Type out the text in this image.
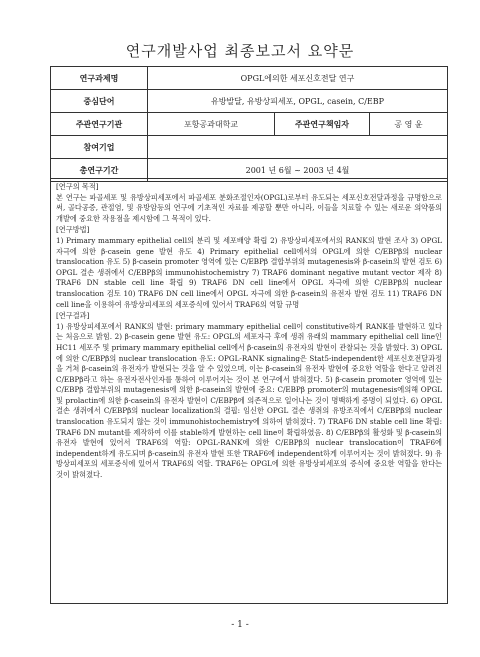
연구개발사업 최종보고서 요약문
연구과제명	OPGL에의한 세포신호전달 연구		
중심단어	유방발달, 유방상피세포, OPGL, casein, C/EBP		
주관연구기관	포항공과대학교	주관연구책임자	공 영 윤
참여기업			
총연구기간	2001 년 6월 ~ 2003 년 4월		
[연구의 목적]

본 연구는 파골세포 및 유방상피세포에서 파골세포 분화조절인자(OPGL)로부터 유도되는 세포신호전달과정을 규명함으로써, 골다공증, 관절염, 및 유방암등의 연구에 기초적인 자료를 제공할 뿐만 아니라, 이들을 치료할 수 있는 새로운 의약품의 개발에 중요한 작용점을 제시함에 그 목적이 있다.

[연구방법]

1) Primary mammary epithelial cell의 분리 및 세포배양 확립 2) 유방상피세포에서의 RANK의 발현 조사 3) OPGL 자극에 의한 β-casein gene 발현 유도 4) Primary epithelial cell에서의 OPGL에 의한 C/EBPβ의 nuclear translocation 유도 5) β-casein promoter 영역에 있는 C/EBPβ 결합부위의 mutagenesis와 β-casein의 발현 검토 6) OPGL 결손 생쥐에서 C/EBPβ의 immunohistochemistry 7) TRAF6 dominant negative mutant vector 제작 8) TRAF6 DN stable cell line 확립 9) TRAF6 DN cell line에서 OPGL 자극에 의한 C/EBPβ의 nuclear translocation 검토 10) TRAF6 DN cell line에서 OPGL 자극에 의한 β-casein의 유전자 발현 검토 11) TRAF6 DN cell line을 이용하여 유방상피세포의 세포증식에 있어서 TRAF6의 역할 규명

[연구결과]

1) 유방상피세포에서 RANK의 발현: primary mammary epithelial cell이 constitutive하게 RANK를 발현하고 있다는 처음으로 밝힘. 2) β-casein gene 발현 유도: OPGL의 세포자극 후에 생쥐 유래의 mammary epithelial cell line인 HC11 세포주 및 primary mammary epithelial cell에서 β-casein의 유전자의 발현이 관찰되는 것을 밝혔다. 3) OPGL에 의한 C/EBPβ의 nuclear translocation 유도: OPGL-RANK signaling은 Stat5-independent한 세포신호전달과정을 거쳐 β-casein의 유전자가 발현되는 것을 알 수 있었으며, 이는 β-casein의 유전자 발현에 중요한 역할을 한다고 알려진 C/EBPβ라고 하는 유전자전사인자를 통하여 이루어지는 것이 본 연구에서 밝혀졌다. 5) β-casein promoter 영역에 있는 C/EBPβ 결합부위의 mutagenesis에 의한 β-casein의 발현에 중요: C/EBPβ promoter의 mutagenesis에의해 OPGL 및 prolactin에 의한 β-casein의 유전자 발현이 C/EBPβ에 의존적으로 일어나는 것이 명백하게 증명이 되었다. 6) OPGL 결손 생쥐에서 C/EBPβ의 nuclear localization의 결핍: 임신한 OPGL 결손 생쥐의 유방조직에서 C/EBPβ의 nuclear translocation 유도되지 않는 것이 immunohistochemistry에 의하여 밝혀졌다. 7) TRAF6 DN stable cell line 확립: TRAF6 DN mutant를 제작하여 이를 stable하게 발현하는 cell line이 확립하였음. 8) C/EBPβ의 활성화 및 β-casein의 유전자 발현에 있어서 TRAF6의 역할: OPGL-RANK에 의한 C/EBPβ의 nuclear translocation이 TRAF6에 independent하게 유도되며 β-casein의 유전자 발현 또한 TRAF6에 independent하게 이루어지는 것이 밝혀졌다. 9) 유방상피세포의 세포증식에 있어서 TRAF6의 역할. TRAF6는 OPGL에 의한 유방상피세포의 증식에 중요한 역할을 한다는 것이 밝혀졌다.

- 1 -
